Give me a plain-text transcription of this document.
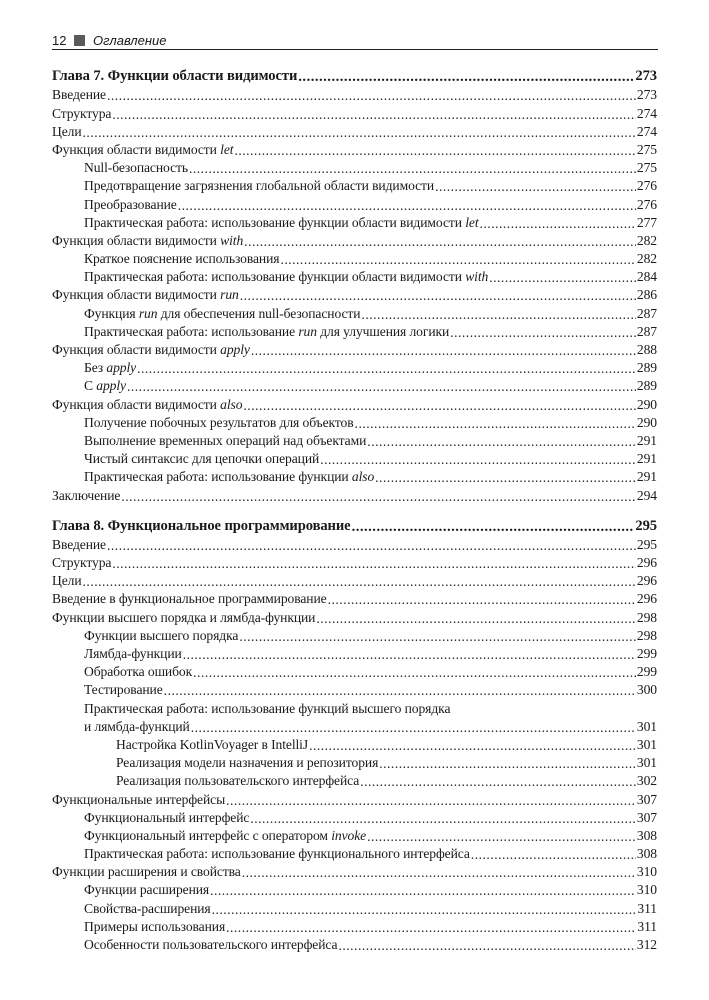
12	Оглавление
Глава 7. Функции области видимости .....	273
Введение .....	273
Структура .....	274
Цели .....	274
Функция области видимости let .....	275
Null-безопасность .....	275
Предотвращение загрязнения глобальной области видимости .....	276
Преобразование .....	276
Практическая работа: использование функции области видимости let .....	277
Функция области видимости with .....	282
Краткое пояснение использования .....	282
Практическая работа: использование функции области видимости with .....	284
Функция области видимости run .....	286
Функция run для обеспечения null-безопасности .....	287
Практическая работа: использование run для улучшения логики .....	287
Функция области видимости apply .....	288
Без apply .....	289
С apply .....	289
Функция области видимости also .....	290
Получение побочных результатов для объектов .....	290
Выполнение временных операций над объектами .....	291
Чистый синтаксис для цепочки операций .....	291
Практическая работа: использование функции also .....	291
Заключение .....	294
Глава 8. Функциональное программирование .....	295
Введение .....	295
Структура .....	296
Цели .....	296
Введение в функциональное программирование .....	296
Функции высшего порядка и лямбда-функции .....	298
Функции высшего порядка .....	298
Лямбда-функции .....	299
Обработка ошибок .....	299
Тестирование .....	300
Практическая работа: использование функций высшего порядка
и лямбда-функций .....	301
Настройка KotlinVoyager в IntelliJ .....	301
Реализация модели назначения и репозитория .....	301
Реализация пользовательского интерфейса .....	302
Функциональные интерфейсы .....	307
Функциональный интерфейс .....	307
Функциональный интерфейс с оператором invoke .....	308
Практическая работа: использование функционального интерфейса .....	308
Функции расширения и свойства .....	310
Функции расширения .....	310
Свойства-расширения .....	311
Примеры использования .....	311
Особенности пользовательского интерфейса .....	312
